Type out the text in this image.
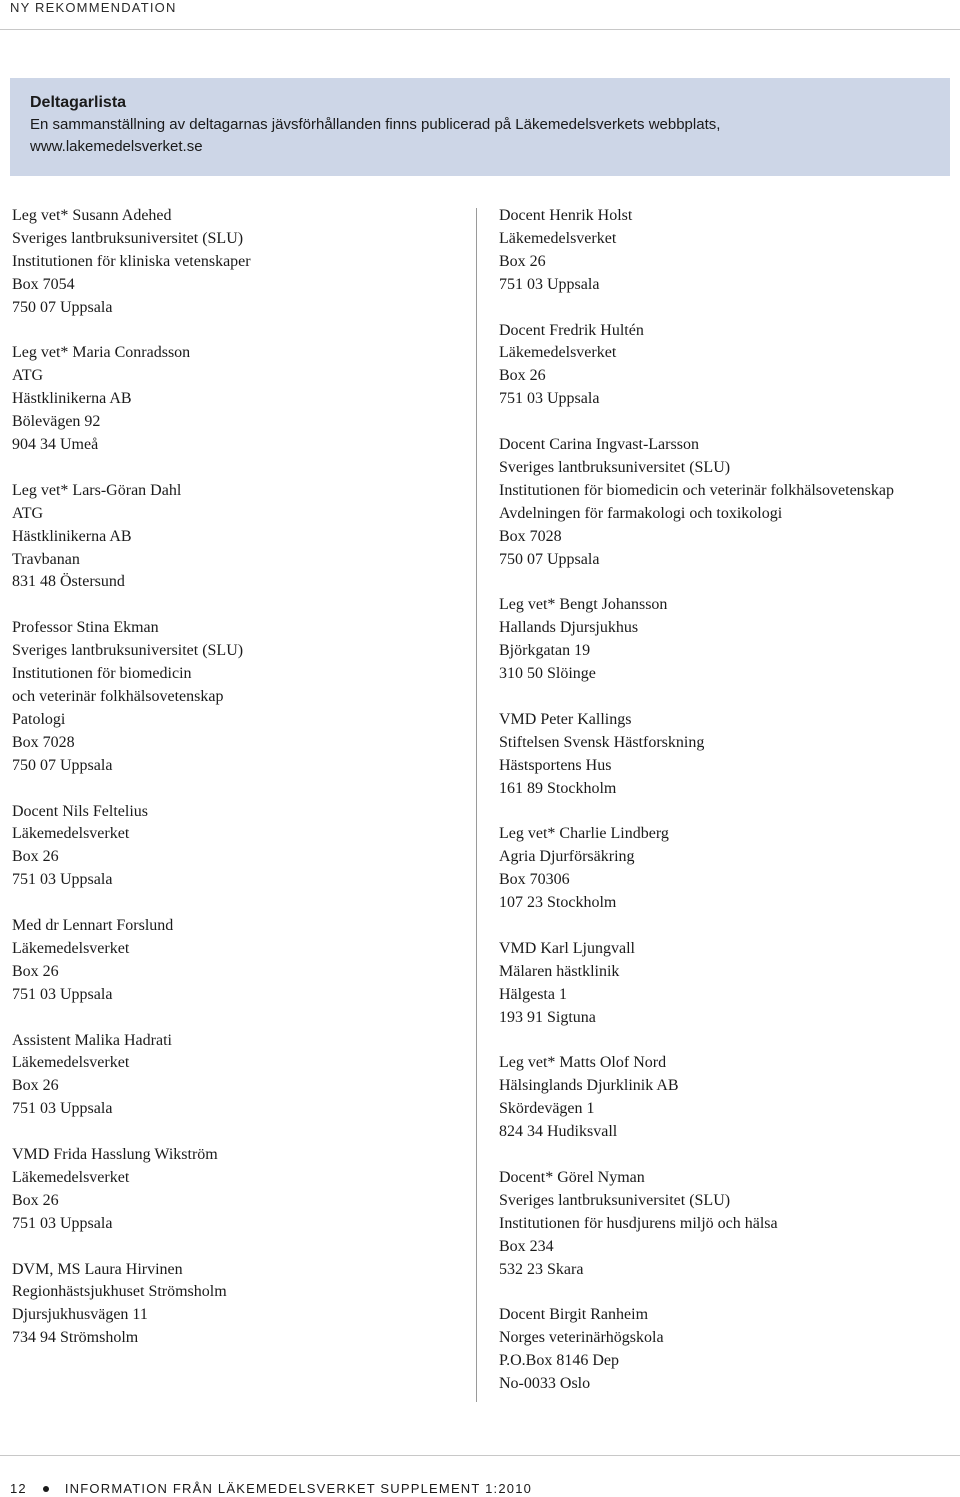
NY REKOMMENDATION
Deltagarlista
En sammanställning av deltagarnas jävsförhållanden finns publicerad på Läkemedelsverkets webbplats,
www.lakemedelsverket.se
Leg vet* Susann Adehed
Sveriges lantbruksuniversitet (SLU)
Institutionen för kliniska vetenskaper
Box 7054
750 07 Uppsala
Leg vet* Maria Conradsson
ATG
Hästklinikerna AB
Bölevägen 92
904 34 Umeå
Leg vet* Lars-Göran Dahl
ATG
Hästklinikerna AB
Travbanan
831 48 Östersund
Professor Stina Ekman
Sveriges lantbruksuniversitet (SLU)
Institutionen för biomedicin
och veterinär folkhälsovetenskap
Patologi
Box 7028
750 07 Uppsala
Docent Nils Feltelius
Läkemedelsverket
Box 26
751 03 Uppsala
Med dr Lennart Forslund
Läkemedelsverket
Box 26
751 03 Uppsala
Assistent Malika Hadrati
Läkemedelsverket
Box 26
751 03 Uppsala
VMD Frida Hasslung Wikström
Läkemedelsverket
Box 26
751 03 Uppsala
DVM, MS Laura Hirvinen
Regionhästsjukhuset Strömsholm
Djursjukhusvägen 11
734 94 Strömsholm
Docent Henrik Holst
Läkemedelsverket
Box 26
751 03 Uppsala
Docent Fredrik Hultén
Läkemedelsverket
Box 26
751 03 Uppsala
Docent Carina Ingvast-Larsson
Sveriges lantbruksuniversitet (SLU)
Institutionen för biomedicin och veterinär folkhälsovetenskap
Avdelningen för farmakologi och toxikologi
Box 7028
750 07 Uppsala
Leg vet* Bengt Johansson
Hallands Djursjukhus
Björkgatan 19
310 50 Slöinge
VMD Peter Kallings
Stiftelsen Svensk Hästforskning
Hästsportens Hus
161 89 Stockholm
Leg vet* Charlie Lindberg
Agria Djurförsäkring
Box 70306
107 23 Stockholm
VMD Karl Ljungvall
Mälaren hästklinik
Hälgesta 1
193 91 Sigtuna
Leg vet* Matts Olof Nord
Hälsinglands Djurklinik AB
Skördevägen 1
824 34 Hudiksvall
Docent* Görel Nyman
Sveriges lantbruksuniversitet (SLU)
Institutionen för husdjurens miljö och hälsa
Box 234
532 23 Skara
Docent Birgit Ranheim
Norges veterinärhögskola
P.O.Box 8146 Dep
No-0033 Oslo
12	INFORMATION FRÅN LÄKEMEDELSVERKET SUPPLEMENT 1:2010
